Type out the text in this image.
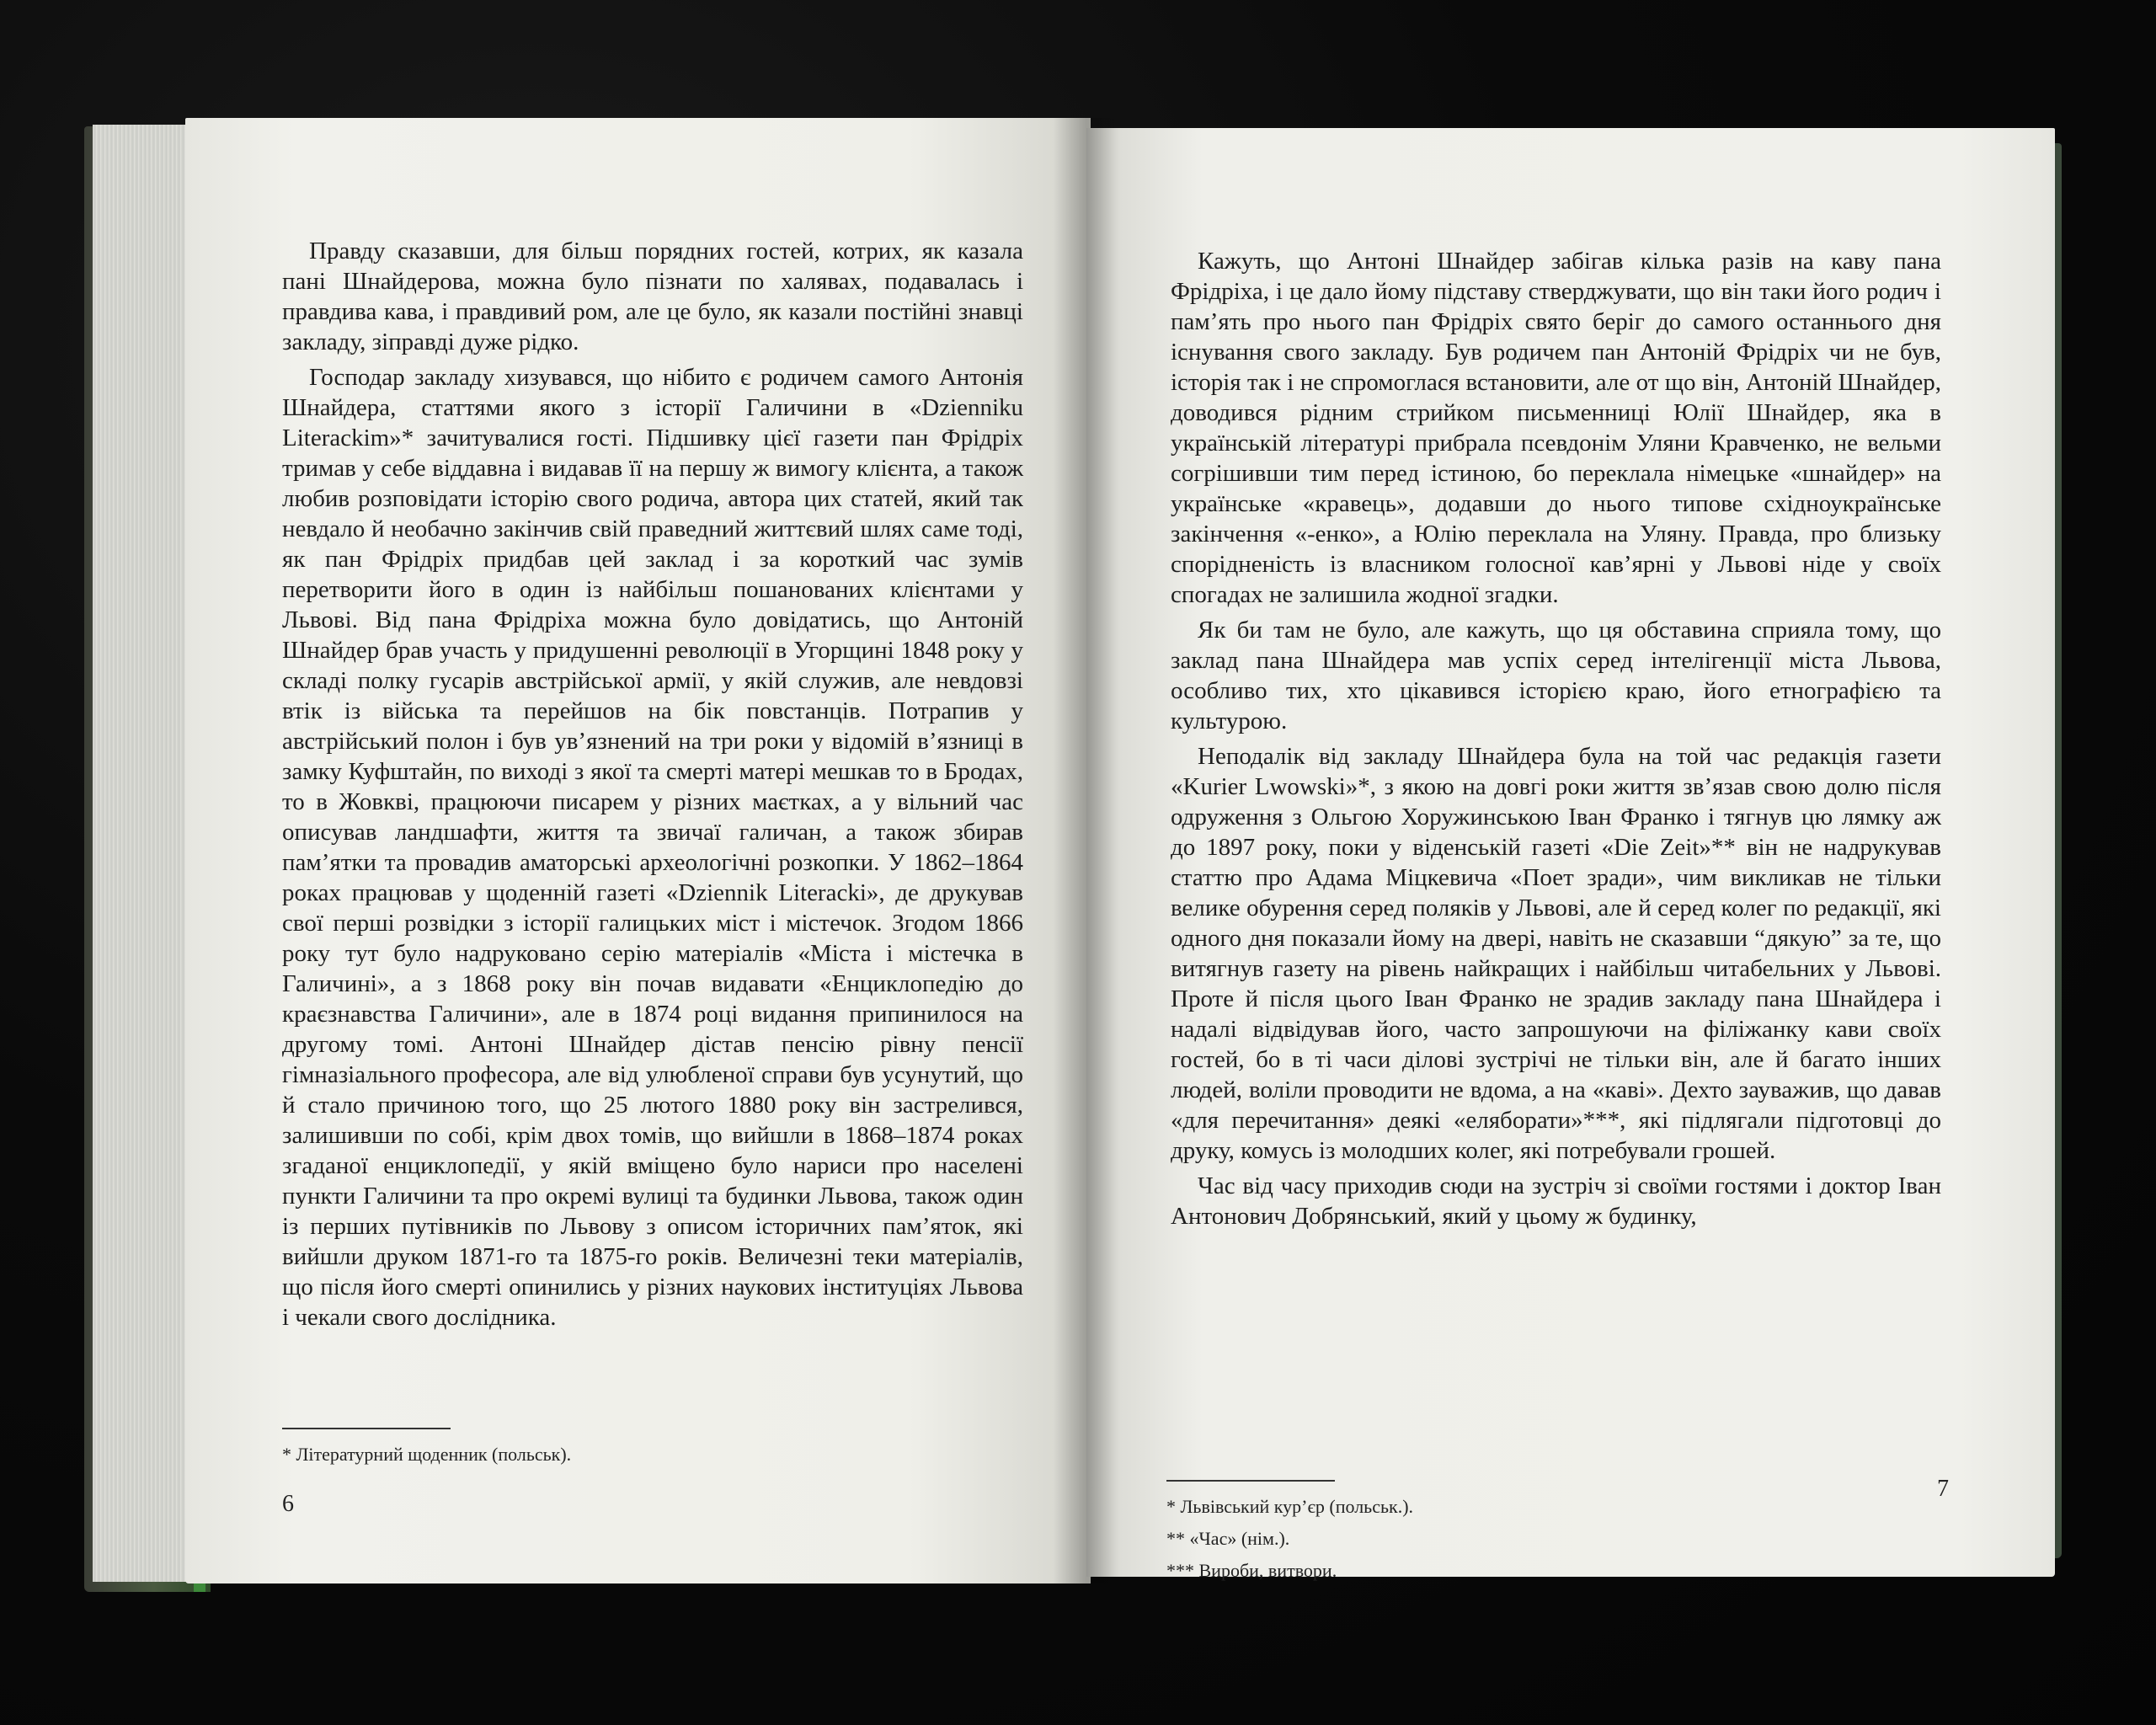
Правду сказавши, для більш порядних гостей, котрих, як казала пані Шнайдерова, можна було пізнати по халявах, подавалась і правдива кава, і правдивий ром, але це було, як казали постійні знавці закладу, зіправді дуже рідко.

Господар закладу хизувався, що нібито є родичем самого Антонія Шнайдера, статтями якого з історії Галичини в «Dzienniku Literackim»* зачитувалися гості. Підшивку цієї газети пан Фрідріх тримав у себе віддавна і видавав її на першу ж вимогу клієнта, а також любив розповідати історію свого родича, автора цих статей, який так невдало й необачно закінчив свій праведний життєвий шлях саме тоді, як пан Фрідріх придбав цей заклад і за короткий час зумів перетворити його в один із найбільш пошанованих клієнтами у Львові. Від пана Фрідріха можна було довідатись, що Антоній Шнайдер брав участь у придушенні революції в Угорщині 1848 року у складі полку гусарів австрійської армії, у якій служив, але невдовзі втік із війська та перейшов на бік повстанців. Потрапив у австрійський полон і був ув’язнений на три роки у відомій в’язниці в замку Куфштайн, по виході з якої та смерті матері мешкав то в Бродах, то в Жовкві, працюючи писарем у різних маєтках, а у вільний час описував ландшафти, життя та звичаї галичан, а також збирав пам’ятки та провадив аматорські археологічні розкопки. У 1862–1864 роках працював у щоденній газеті «Dziennik Literacki», де друкував свої перші розвідки з історії галицьких міст і містечок. Згодом 1866 року тут було надруковано серію матеріалів «Міста і містечка в Галичині», а з 1868 року він почав видавати «Енциклопедію до краєзнавства Галичини», але в 1874 році видання припинилося на другому томі. Антоні Шнайдер дістав пенсію рівну пенсії гімназіального професора, але від улюбленої справи був усунутий, що й стало причиною того, що 25 лютого 1880 року він застрелився, залишивши по собі, крім двох томів, що вийшли в 1868–1874 роках згаданої енциклопедії, у якій вміщено було нариси про населені пункти Галичини та про окремі вулиці та будинки Львова, також один із перших путівників по Львову з описом історичних пам’яток, які вийшли друком 1871-го та 1875-го років. Величезні теки матеріалів, що після його смерті опинились у різних наукових інституціях Львова і чекали свого дослідника.

* Літературний щоденник (польськ).
6

Кажуть, що Антоні Шнайдер забігав кілька разів на каву пана Фрідріха, і це дало йому підставу стверджувати, що він таки його родич і пам’ять про нього пан Фрідріх свято беріг до самого останнього дня існування свого закладу. Був родичем пан Антоній Фрідріх чи не був, історія так і не спромоглася встановити, але от що він, Антоній Шнайдер, доводився рідним стрийком письменниці Юлії Шнайдер, яка в українській літературі прибрала псевдонім Уляни Кравченко, не вельми согрішивши тим перед істиною, бо переклала німецьке «шнайдер» на українське «кравець», додавши до нього типове східноукраїнське закінчення «-енко», а Юлію переклала на Уляну. Правда, про близьку спорідненість із власником голосної кав’ярні у Львові ніде у своїх спогадах не залишила жодної згадки.

Як би там не було, але кажуть, що ця обставина сприяла тому, що заклад пана Шнайдера мав успіх серед інтелігенції міста Львова, особливо тих, хто цікавився історією краю, його етнографією та культурою.

Неподалік від закладу Шнайдера була на той час редакція газети «Kurier Lwowski»*, з якою на довгі роки життя зв’язав свою долю після одруження з Ольгою Хоружинською Іван Франко і тягнув цю лямку аж до 1897 року, поки у віденській газеті «Die Zeit»** він не надрукував статтю про Адама Міцкевича «Поет зради», чим викликав не тільки велике обурення серед поляків у Львові, але й серед колег по редакції, які одного дня показали йому на двері, навіть не сказавши “дякую” за те, що витягнув газету на рівень найкращих і найбільш читабельних у Львові. Проте й після цього Іван Франко не зрадив закладу пана Шнайдера і надалі відвідував його, часто запрошуючи на філіжанку кави своїх гостей, бо в ті часи ділові зустрічі не тільки він, але й багато інших людей, воліли проводити не вдома, а на «каві». Дехто зауважив, що давав «для перечитання» деякі «еляборати»***, які підлягали підготовці до друку, комусь із молодших колег, які потребували грошей.

Час від часу приходив сюди на зустріч зі своїми гостями і доктор Іван Антонович Добрянський, який у цьому ж будинку,

* Львівський кур’єр (польськ.).
** «Час» (нім.).
*** Вироби, витвори.
7
